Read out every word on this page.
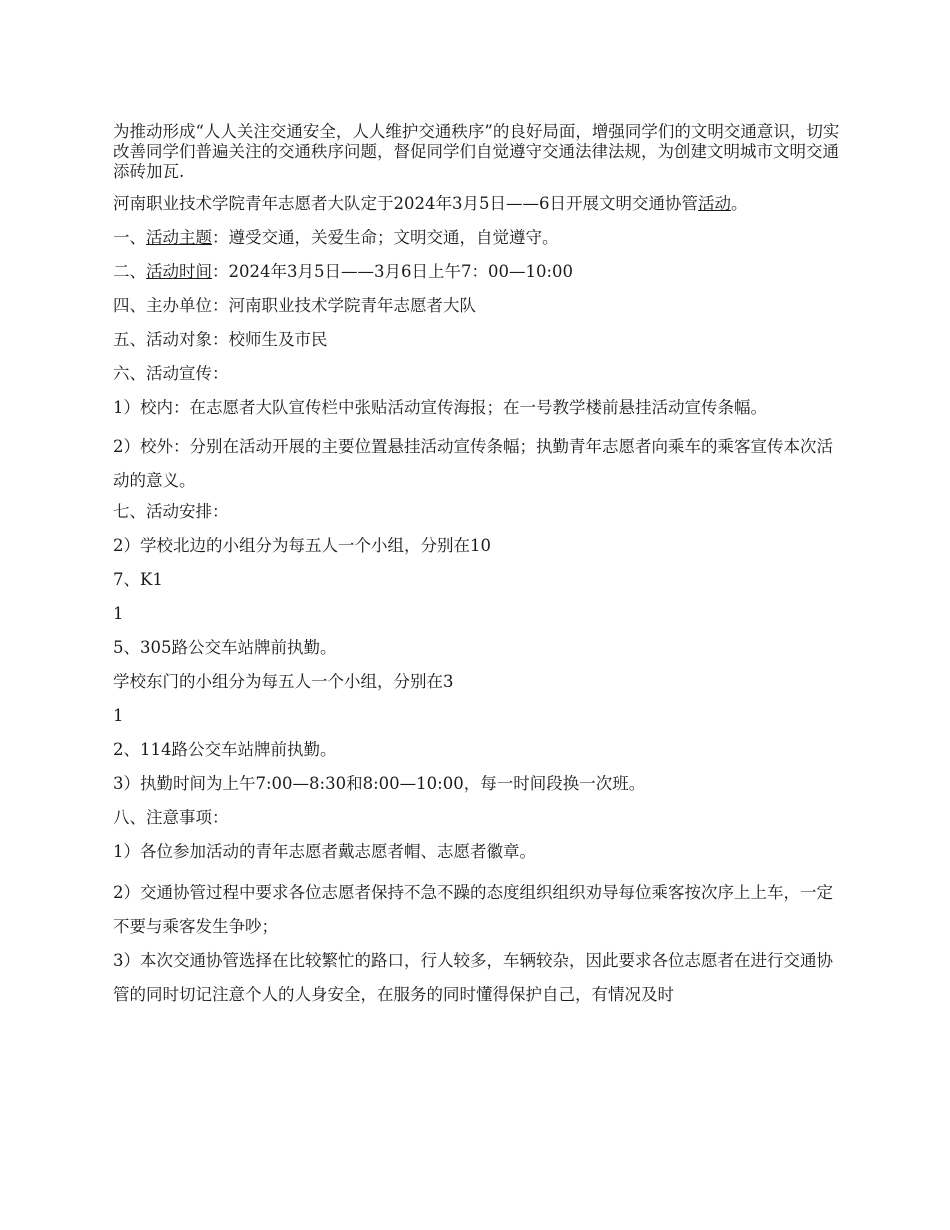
为推动形成“人人关注交通安全，人人维护交通秩序”的良好局面，增强同学们的文明交通意识，切实改善同学们普遍关注的交通秩序问题，督促同学们自觉遵守交通法律法规，为创建文明城市文明交通添砖加瓦.

河南职业技术学院青年志愿者大队定于2024年3月5日——6日开展文明交通协管活动。

一、活动主题：遵受交通，关爱生命；文明交通，自觉遵守。

二、活动时间：2024年3月5日——3月6日上午7：00—10:00

四、主办单位：河南职业技术学院青年志愿者大队

五、活动对象：校师生及市民

六、活动宣传：

1）校内：在志愿者大队宣传栏中张贴活动宣传海报；在一号教学楼前悬挂活动宣传条幅。

2）校外：分别在活动开展的主要位置悬挂活动宣传条幅；执勤青年志愿者向乘车的乘客宣传本次活动的意义。

七、活动安排：

2）学校北边的小组分为每五人一个小组，分别在10

7、K1

1

5、305路公交车站牌前执勤。

学校东门的小组分为每五人一个小组，分别在3

1

2、114路公交车站牌前执勤。

3）执勤时间为上午7:00—8:30和8:00—10:00，每一时间段换一次班。

八、注意事项：

1）各位参加活动的青年志愿者戴志愿者帽、志愿者徽章。

2）交通协管过程中要求各位志愿者保持不急不躁的态度组织组织劝导每位乘客按次序上上车，一定不要与乘客发生争吵；

3）本次交通协管选择在比较繁忙的路口，行人较多，车辆较杂，因此要求各位志愿者在进行交通协管的同时切记注意个人的人身安全，在服务的同时懂得保护自己，有情况及时
